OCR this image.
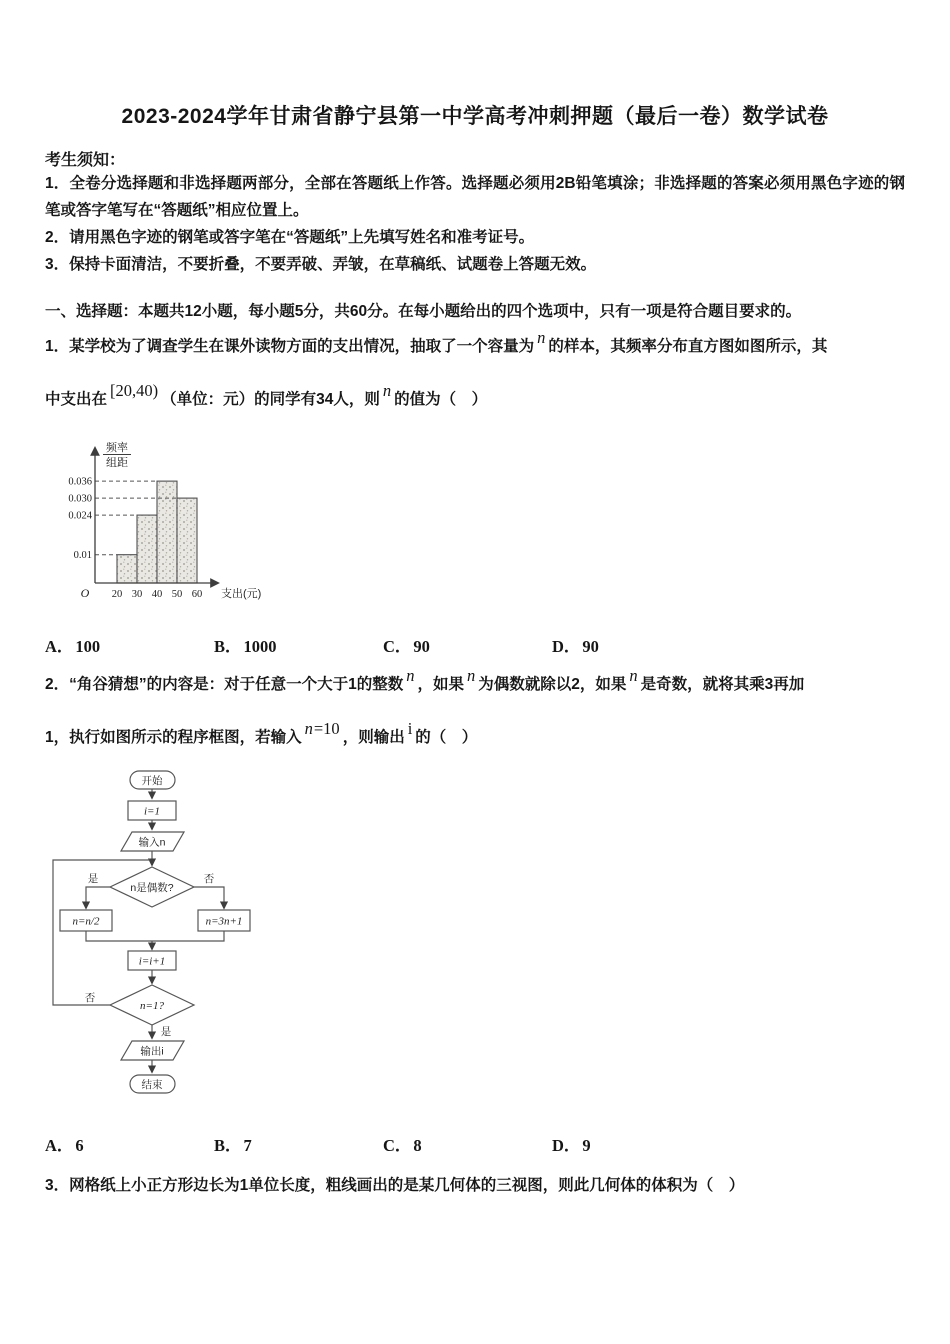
2023-2024学年甘肃省静宁县第一中学高考冲刺押题（最后一卷）数学试卷
考生须知：
1．全卷分选择题和非选择题两部分，全部在答题纸上作答。选择题必须用2B铅笔填涂；非选择题的答案必须用黑色字迹的钢笔或答字笔写在“答题纸”相应位置上。
2．请用黑色字迹的钢笔或答字笔在“答题纸”上先填写姓名和准考证号。
3．保持卡面清洁，不要折叠，不要弄破、弄皱，在草稿纸、试题卷上答题无效。
一、选择题：本题共12小题，每小题5分，共60分。在每小题给出的四个选项中，只有一项是符合题目要求的。

1．某学校为了调查学生在课外读物方面的支出情况，抽取了一个容量为 n 的样本，其频率分布直方图如图所示，其

中支出在 [20,40) （单位：元）的同学有34人，则 n 的值为（　）

0.01
0.024
0.036
0.030
O 20 30 40 50 60 支出(元)
频率
组距
A． 100	B． 1000	C． 90	D． 90

2．“角谷猜想”的内容是：对于任意一个大于1的整数 n ，如果 n 为偶数就除以2，如果 n 是奇数，就将其乘3再加

1，执行如图所示的程序框图，若输入 n=10 ，则输出 i 的（　）

开始
i=1
输入n
n是偶数?
是	否
n=n/2	n=3n+1
i=i+1
n=1?
否
是
输出i
结束
A． 6	B． 7	C． 8	D． 9

3．网格纸上小正方形边长为1单位长度，粗线画出的是某几何体的三视图，则此几何体的体积为（　）
